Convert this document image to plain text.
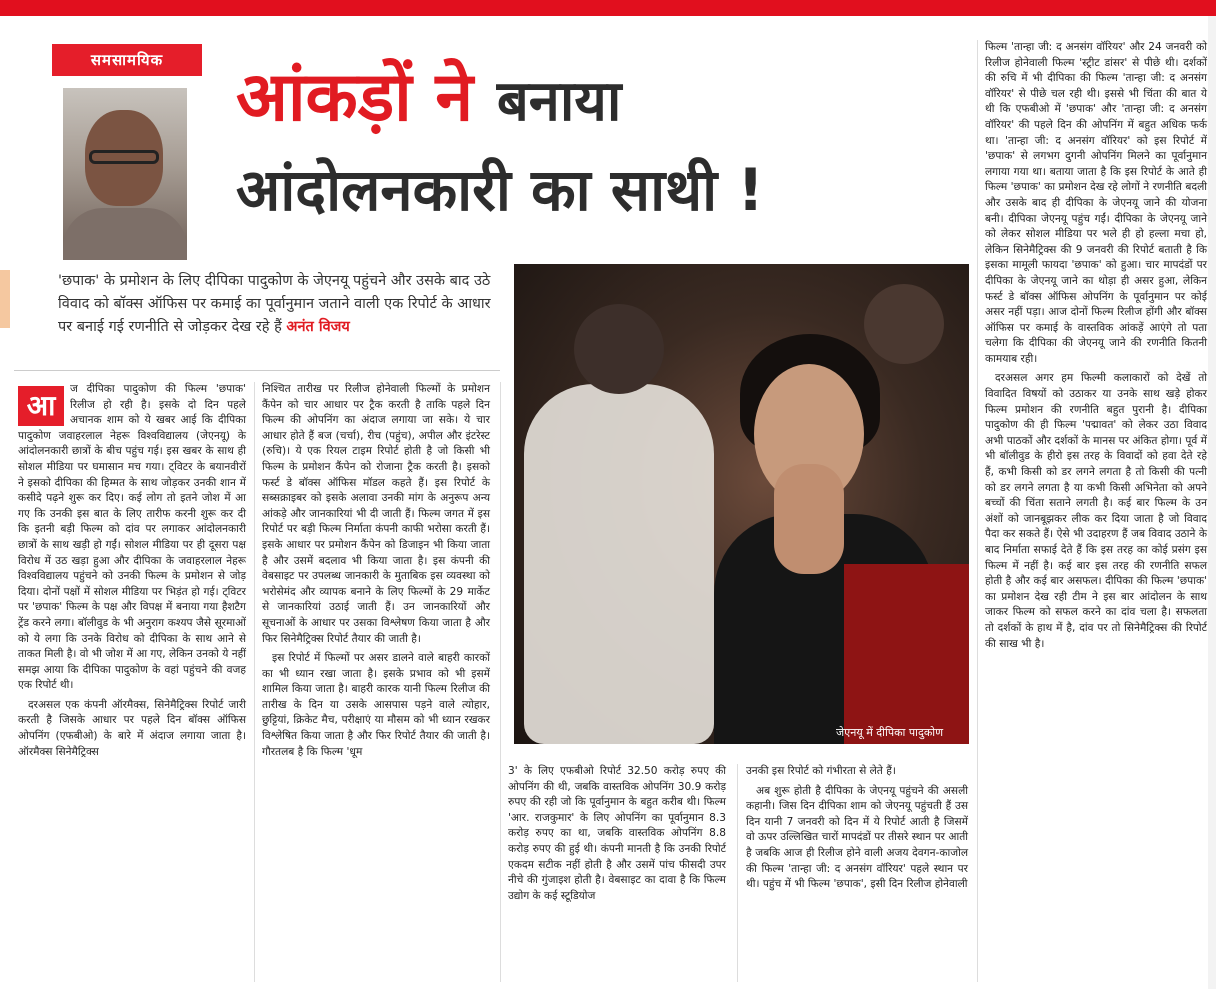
समसामयिक	आंकड़ों ने बनाया
आंदोलनकारी का साथी !
'छपाक' के प्रमोशन के लिए दीपिका पादुकोण के जेएनयू पहुंचने और उसके बाद उठे विवाद को बॉक्स ऑफिस पर कमाई का पूर्वानुमान जताने वाली एक रिपोर्ट के आधार पर बनाई गई रणनीति से जोड़कर देख रहे हैं अनंत विजय
आ

ज दीपिका पादुकोण की फिल्म 'छपाक' रिलीज हो रही है। इसके दो दिन पहले अचानक शाम को ये खबर आई कि दीपिका पादुकोण जवाहरलाल नेहरू विश्वविद्यालय (जेएनयू) के आंदोलनकारी छात्रों के बीच पहुंच गई। इस खबर के साथ ही सोशल मीडिया पर घमासान मच गया। ट्विटर के बयानवीरों ने इसको दीपिका की हिम्मत के साथ जोड़कर उनकी शान में कसीदे पढ़ने शुरू कर दिए। कई लोग तो इतने जोश में आ गए कि उनकी इस बात के लिए तारीफ करनी शुरू कर दी कि इतनी बड़ी फिल्म को दांव पर लगाकर आंदोलनकारी छात्रों के साथ खड़ी हो गईं। सोशल मीडिया पर ही दूसरा पक्ष विरोध में उठ खड़ा हुआ और दीपिका के जवाहरलाल नेहरू विश्वविद्यालय पहुंचने को उनकी फिल्म के प्रमोशन से जोड़ दिया। दोनों पक्षों में सोशल मीडिया पर भिड़ंत हो गई। ट्विटर पर 'छपाक' फिल्म के पक्ष और विपक्ष में बनाया गया हैशटैग ट्रेंड करने लगा। बॉलीवुड के भी अनुराग कश्यप जैसे सूरमाओं को ये लगा कि उनके विरोध को दीपिका के साथ आने से ताकत मिली है। वो भी जोश में आ गए, लेकिन उनको ये नहीं समझ आया कि दीपिका पादुकोण के वहां पहुंचने की वजह एक रिपोर्ट थी।

दरअसल एक कंपनी ऑरमैक्स, सिनेमैट्रिक्स रिपोर्ट जारी करती है जिसके आधार पर पहले दिन बॉक्स ऑफिस ओपनिंग (एफबीओ) के बारे में अंदाज लगाया जाता है। ऑरमैक्स सिनेमैट्रिक्स

निश्चित तारीख पर रिलीज होनेवाली फिल्मों के प्रमोशन कैंपेन को चार आधार पर ट्रैक करती है ताकि पहले दिन फिल्म की ओपनिंग का अंदाज लगाया जा सके। ये चार आधार होते हैं बज (चर्चा), रीच (पहुंच), अपील और इंटरेस्ट (रुचि)। ये एक रियल टाइम रिपोर्ट होती है जो किसी भी फिल्म के प्रमोशन कैंपेन को रोजाना ट्रैक करती है। इसको फर्स्ट डे बॉक्स ऑफिस मॉडल कहते हैं। इस रिपोर्ट के सब्सक्राइबर को इसके अलावा उनकी मांग के अनुरूप अन्य आंकड़े और जानकारियां भी दी जाती हैं। फिल्म जगत में इस रिपोर्ट पर बड़ी फिल्म निर्माता कंपनी काफी भरोसा करती हैं। इसके आधार पर प्रमोशन कैंपेन को डिजाइन भी किया जाता है और उसमें बदलाव भी किया जाता है। इस कंपनी की वेबसाइट पर उपलब्ध जानकारी के मुताबिक इस व्यवस्था को भरोसेमंद और व्यापक बनाने के लिए फिल्मों के 29 मार्केट से जानकारियां उठाई जाती हैं। उन जानकारियों और सूचनाओं के आधार पर उसका विश्लेषण किया जाता है और फिर सिनेमैट्रिक्स रिपोर्ट तैयार की जाती है।

इस रिपोर्ट में फिल्मों पर असर डालने वाले बाहरी कारकों का भी ध्यान रखा जाता है। इसके प्रभाव को भी इसमें शामिल किया जाता है। बाहरी कारक यानी फिल्म रिलीज की तारीख के दिन या उसके आसपास पड़ने वाले त्योहार, छुट्टियां, क्रिकेट मैच, परीक्षाएं या मौसम को भी ध्यान रखकर विश्लेषित किया जाता है और फिर रिपोर्ट तैयार की जाती है। गौरतलब है कि फिल्म 'धूम

जेएनयू में दीपिका पादुकोण

3' के लिए एफबीओ रिपोर्ट 32.50 करोड़ रुपए की ओपनिंग की थी, जबकि वास्तविक ओपनिंग 30.9 करोड़ रुपए की रही जो कि पूर्वानुमान के बहुत करीब थी। फिल्म 'आर. राजकुमार' के लिए ओपनिंग का पूर्वानुमान 8.3 करोड़ रुपए का था, जबकि वास्तविक ओपनिंग 8.8 करोड़ रुपए की हुई थी। कंपनी मानती है कि उनकी रिपोर्ट एकदम सटीक नहीं होती है और उसमें पांच फीसदी उपर नीचे की गुंजाइश होती है। वेबसाइट का दावा है कि फिल्म उद्योग के कई स्टूडियोज

उनकी इस रिपोर्ट को गंभीरता से लेते हैं।

अब शुरू होती है दीपिका के जेएनयू पहुंचने की असली कहानी। जिस दिन दीपिका शाम को जेएनयू पहुंचती हैं उस दिन यानी 7 जनवरी को दिन में ये रिपोर्ट आती है जिसमें वो ऊपर उल्लिखित चारों मापदंडों पर तीसरे स्थान पर आती है जबकि आज ही रिलीज होने वाली अजय देवगन-काजोल की फिल्म 'तान्हा जी: द अनसंग वॉरियर' पहले स्थान पर थी। पहुंच में भी फिल्म 'छपाक', इसी दिन रिलीज होनेवाली

फिल्म 'तान्हा जी: द अनसंग वॉरियर' और 24 जनवरी को रिलीज होनेवाली फिल्म 'स्ट्रीट डांसर' से पीछे थी। दर्शकों की रुचि में भी दीपिका की फिल्म 'तान्हा जी: द अनसंग वॉरियर' से पीछे चल रही थी। इससे भी चिंता की बात ये थी कि एफबीओ में 'छपाक' और 'तान्हा जी: द अनसंग वॉरियर' की पहले दिन की ओपनिंग में बहुत अधिक फर्क था। 'तान्हा जी: द अनसंग वॉरियर' को इस रिपोर्ट में 'छपाक' से लगभग दुगनी ओपनिंग मिलने का पूर्वानुमान लगाया गया था। बताया जाता है कि इस रिपोर्ट के आते ही फिल्म 'छपाक' का प्रमोशन देख रहे लोगों ने रणनीति बदली और उसके बाद ही दीपिका के जेएनयू जाने की योजना बनी। दीपिका जेएनयू पहुंच गईं। दीपिका के जेएनयू जाने को लेकर सोशल मीडिया पर भले ही हो हल्ला मचा हो, लेकिन सिनेमैट्रिक्स की 9 जनवरी की रिपोर्ट बताती है कि इसका मामूली फायदा 'छपाक' को हुआ। चार मापदंडों पर दीपिका के जेएनयू जाने का थोड़ा ही असर हुआ, लेकिन फर्स्ट डे बॉक्स ऑफिस ओपनिंग के पूर्वानुमान पर कोई असर नहीं पड़ा। आज दोनों फिल्म रिलीज होंगी और बॉक्स ऑफिस पर कमाई के वास्तविक आंकड़ें आएंगे तो पता चलेगा कि दीपिका की जेएनयू जाने की रणनीति कितनी कामयाब रही।

दरअसल अगर हम फिल्मी कलाकारों को देखें तो विवादित विषयों को उठाकर या उनके साथ खड़े होकर फिल्म प्रमोशन की रणनीति बहुत पुरानी है। दीपिका पादुकोण की ही फिल्म 'पद्मावत' को लेकर उठा विवाद अभी पाठकों और दर्शकों के मानस पर अंकित होगा। पूर्व में भी बॉलीवुड के हीरो इस तरह के विवादों को हवा देते रहे हैं, कभी किसी को डर लगने लगता है तो किसी की पत्नी को डर लगने लगता है या कभी किसी अभिनेता को अपने बच्चों की चिंता सताने लगती है। कई बार फिल्म के उन अंशों को जानबूझकर लीक कर दिया जाता है जो विवाद पैदा कर सकते हैं। ऐसे भी उदाहरण हैं जब विवाद उठाने के बाद निर्माता सफाई देते हैं कि इस तरह का कोई प्रसंग इस फिल्म में नहीं है। कई बार इस तरह की रणनीति सफल होती है और कई बार असफल। दीपिका की फिल्म 'छपाक' का प्रमोशन देख रही टीम ने इस बार आंदोलन के साथ जाकर फिल्म को सफल करने का दांव चला है। सफलता तो दर्शकों के हाथ में है, दांव पर तो सिनेमैट्रिक्स की रिपोर्ट की साख भी है।
